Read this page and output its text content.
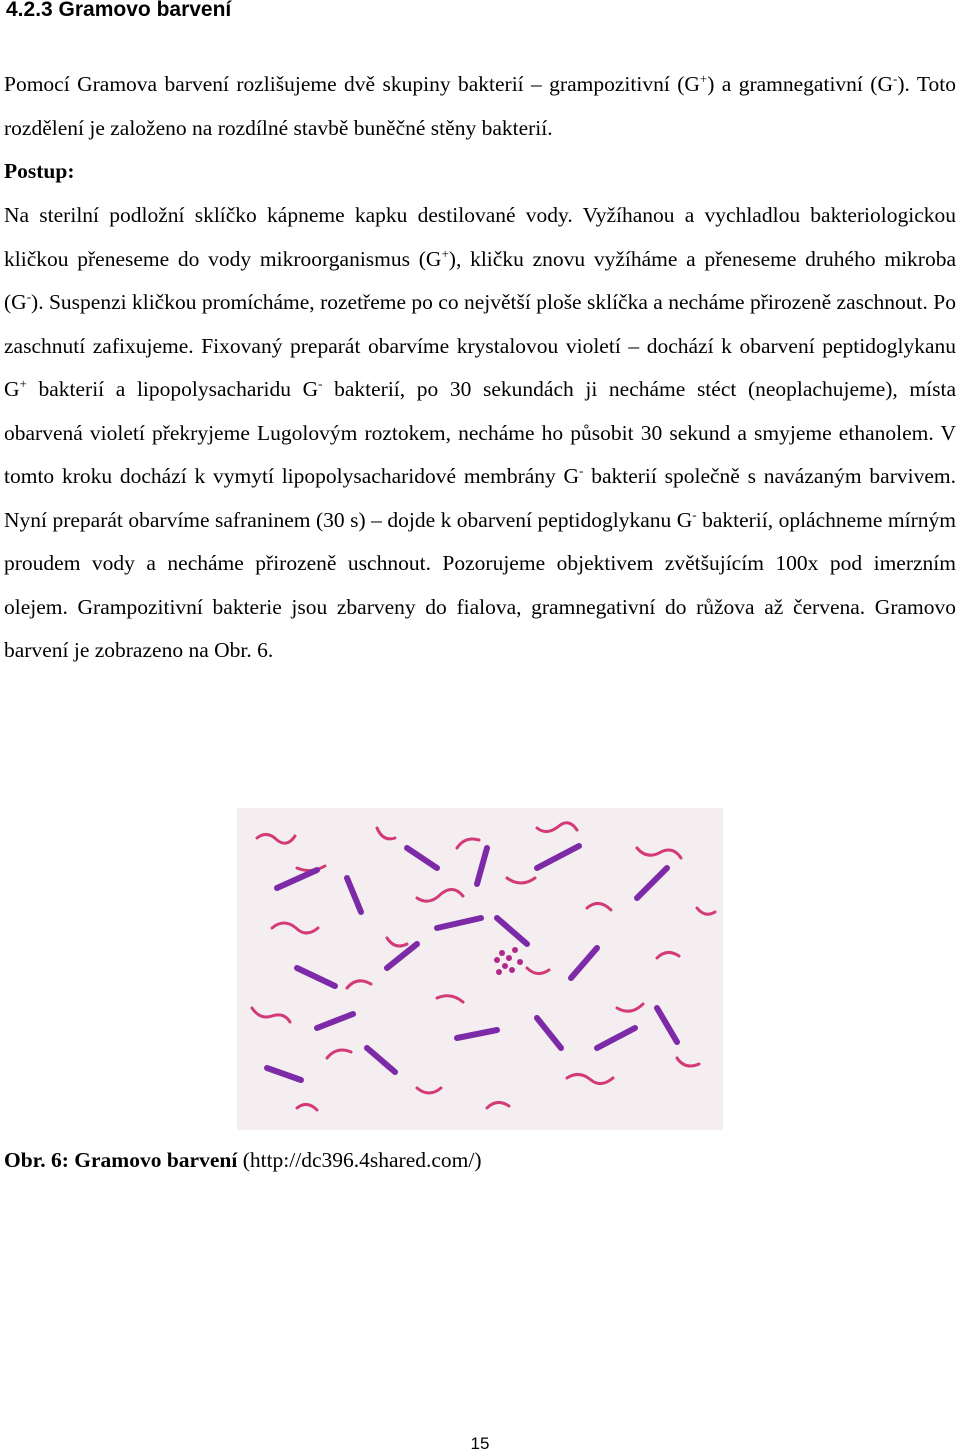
4.2.3 Gramovo barvení

Pomocí Gramova barvení rozlišujeme dvě skupiny bakterií – grampozitivní (G+) a gramnegativní (G-). Toto rozdělení je založeno na rozdílné stavbě buněčné stěny bakterií.

Postup:

Na sterilní podložní sklíčko kápneme kapku destilované vody. Vyžíhanou a vychladlou bakteriologickou kličkou přeneseme do vody mikroorganismus (G+), kličku znovu vyžíháme a přeneseme druhého mikroba (G-). Suspenzi kličkou promícháme, rozetřeme po co největší ploše sklíčka a necháme přirozeně zaschnout. Po zaschnutí zafixujeme. Fixovaný preparát obarvíme krystalovou violetí – dochází k obarvení peptidoglykanu G+ bakterií a lipopolysacharidu G- bakterií, po 30 sekundách ji necháme stéct (neoplachujeme), místa obarvená violetí překryjeme Lugolovým roztokem, necháme ho působit 30 sekund a smyjeme ethanolem. V tomto kroku dochází k vymytí lipopolysacharidové membrány G- bakterií společně s navázaným barvivem. Nyní preparát obarvíme safraninem (30 s) – dojde k obarvení peptidoglykanu G- bakterií, opláchneme mírným proudem vody a necháme přirozeně uschnout. Pozorujeme objektivem zvětšujícím 100x pod imerzním olejem. Grampozitivní bakterie jsou zbarveny do fialova, gramnegativní do růžova až červena. Gramovo barvení je zobrazeno na Obr. 6.

Obr. 6: Gramovo barvení (http://dc396.4shared.com/)
15
